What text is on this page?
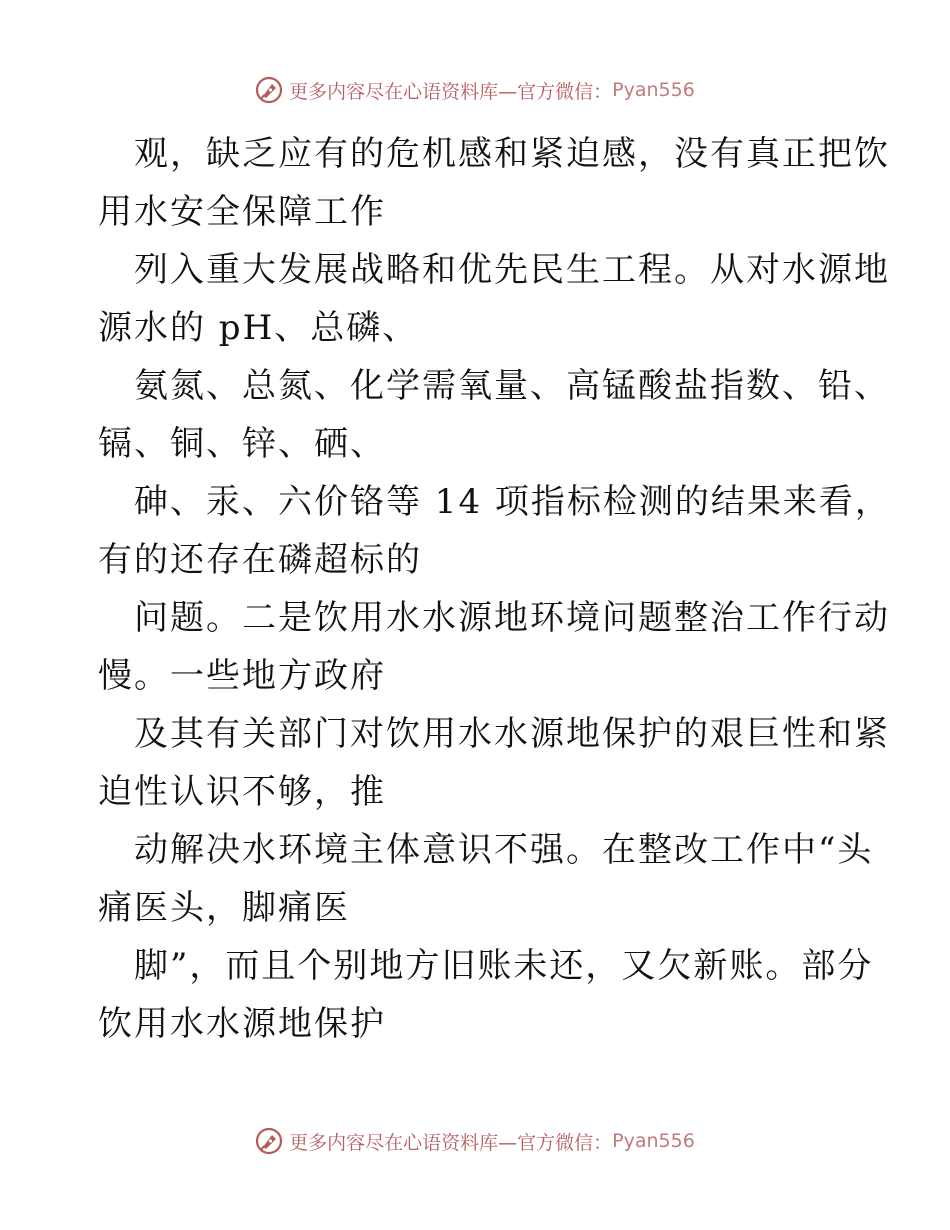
更多内容尽在心语资料库—官方微信： Pyan556
观，缺乏应有的危机感和紧迫感，没有真正把饮
用水安全保障工作
列入重大发展战略和优先民生工程。从对水源地
源水的 pH、总磷、
氨氮、总氮、化学需氧量、高锰酸盐指数、铅、
镉、铜、锌、硒、
砷、汞、六价铬等 14 项指标检测的结果来看，
有的还存在磷超标的
问题。二是饮用水水源地环境问题整治工作行动
慢。一些地方政府
及其有关部门对饮用水水源地保护的艰巨性和紧
迫性认识不够，推
动解决水环境主体意识不强。在整改工作中“头
痛医头，脚痛医
脚”，而且个别地方旧账未还，又欠新账。部分
饮用水水源地保护
更多内容尽在心语资料库—官方微信： Pyan556
